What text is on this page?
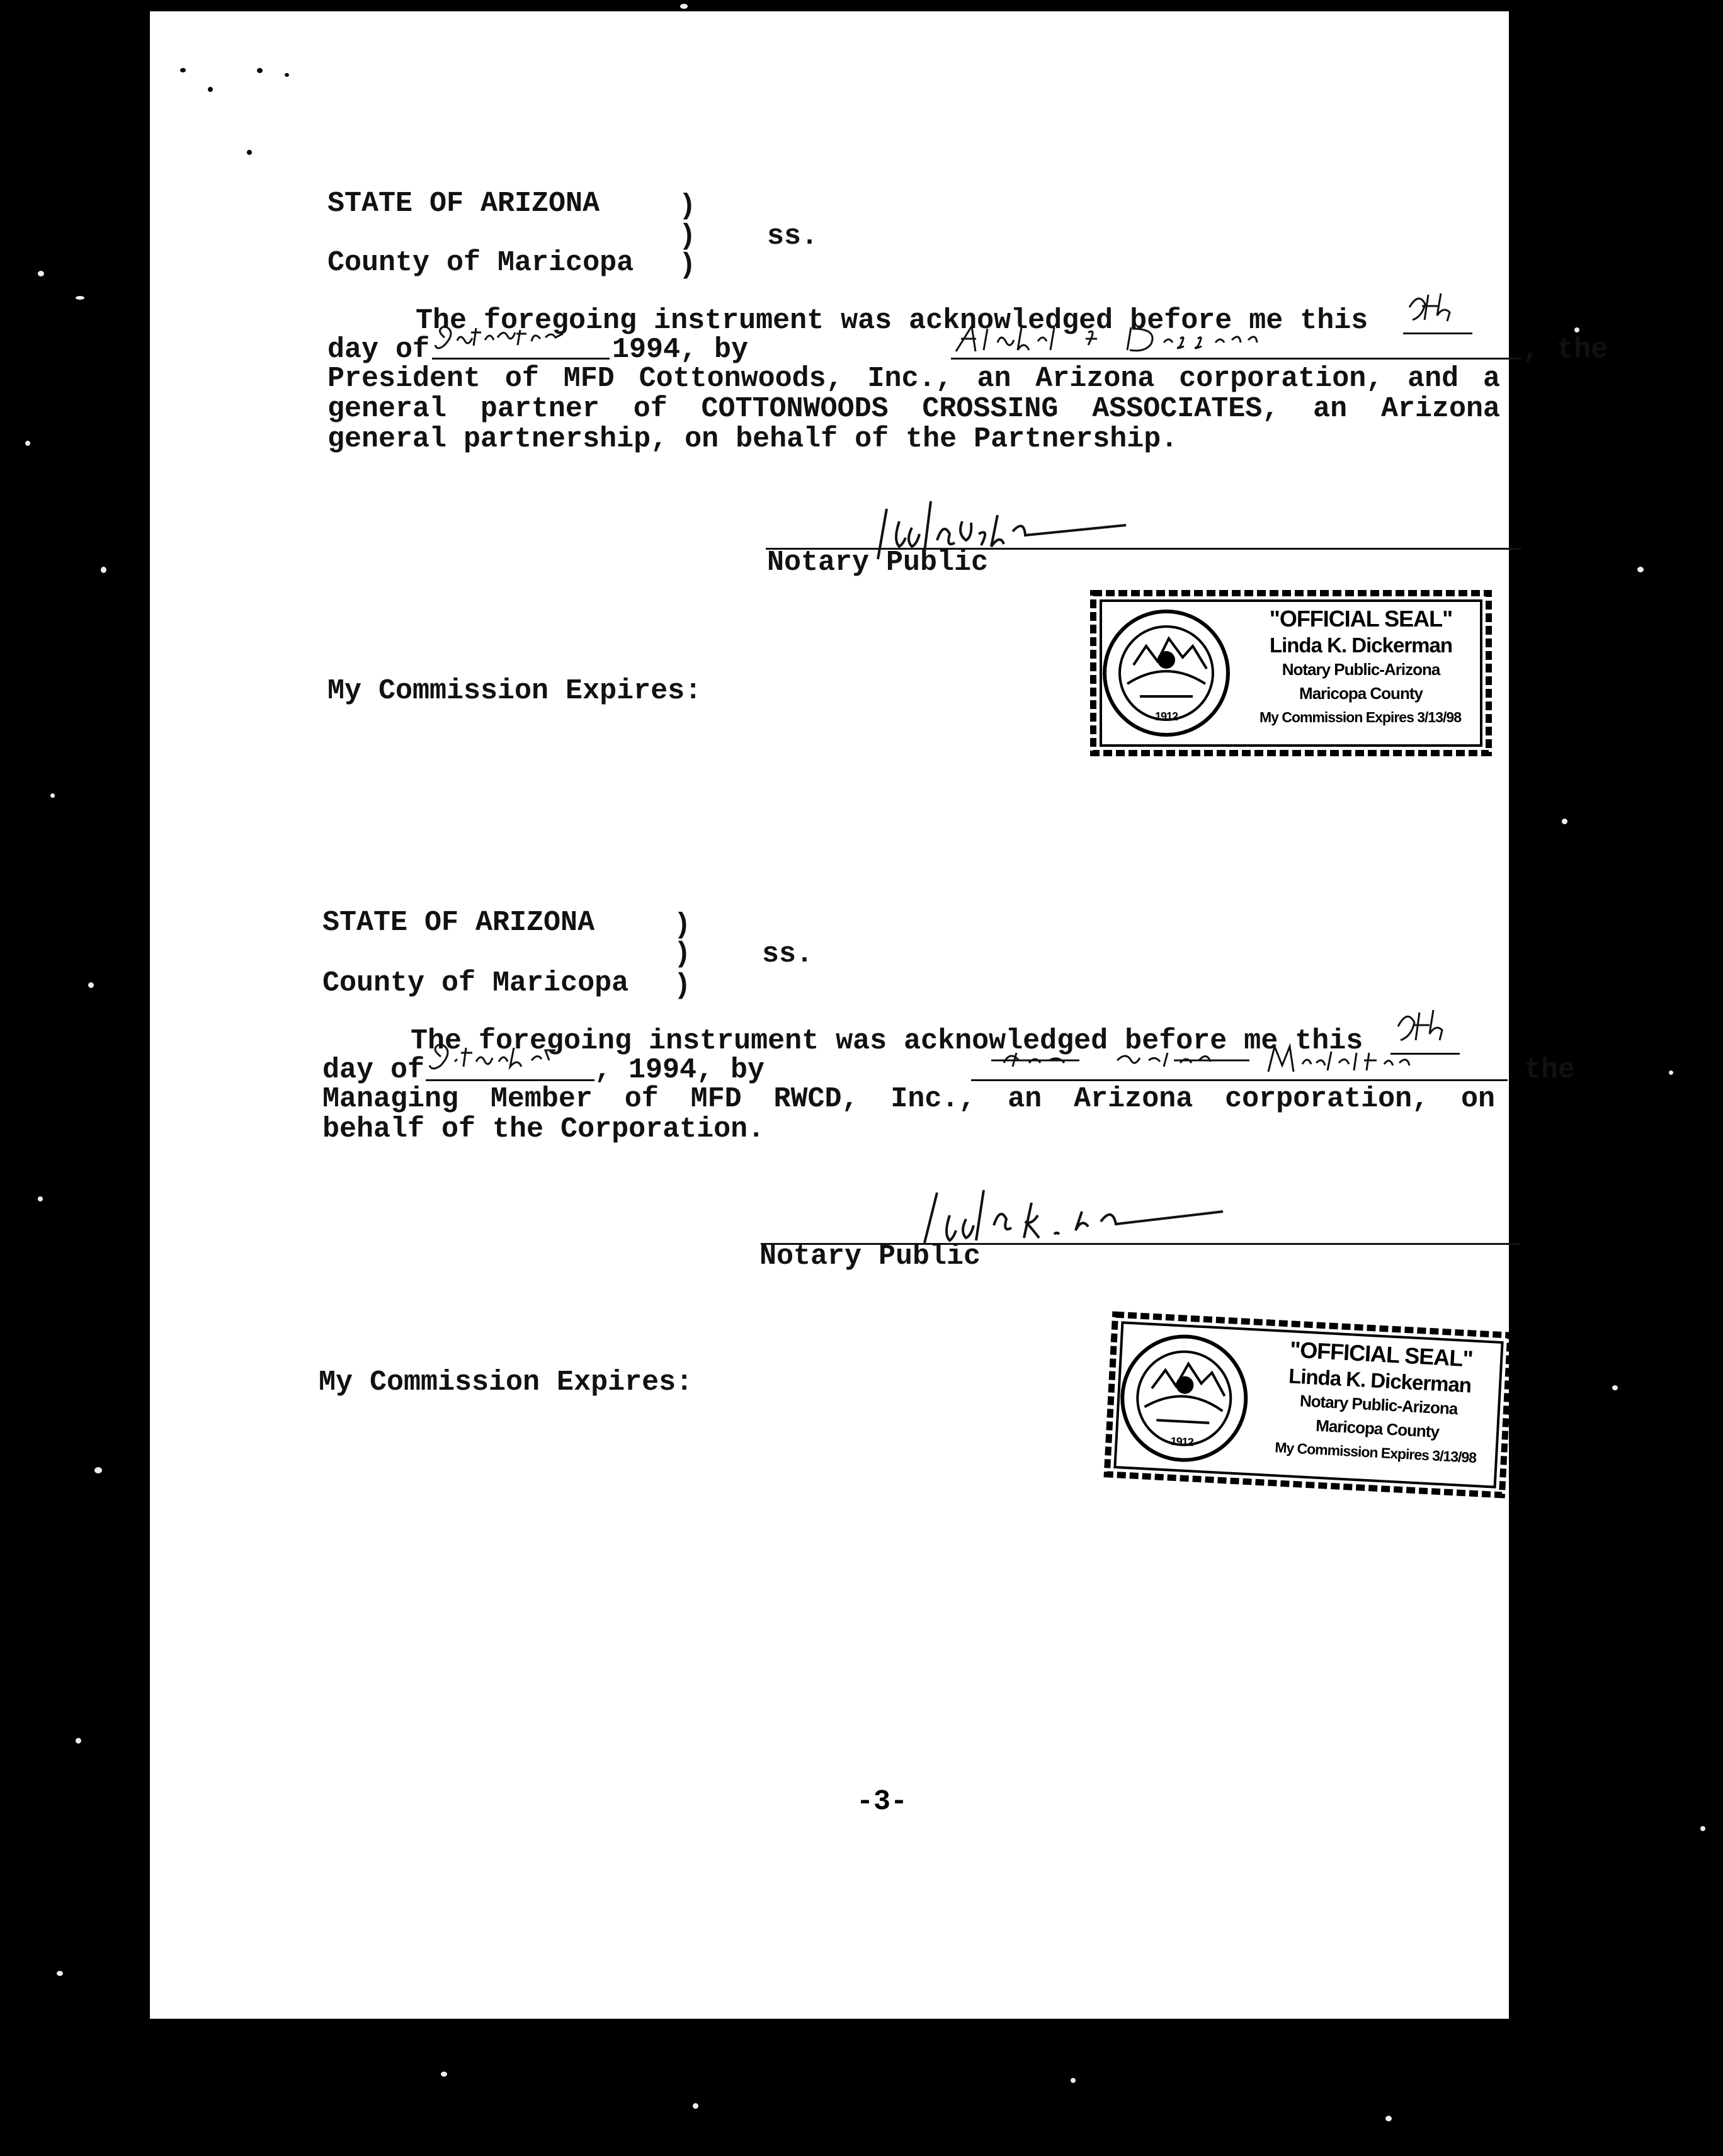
STATE OF ARIZONA	)
)	ss.
County of Maricopa )
The foregoing instrument was acknowledged before me this
day of	1994, by	, the
President of MFD Cottonwoods, Inc., an Arizona corporation, and a
general partner of COTTONWOODS CROSSING ASSOCIATES, an Arizona
general partnership, on behalf of the Partnership.
Notary Public
My Commission Expires:
1912
"OFFICIAL SEAL"
Linda K. Dickerman
Notary Public-Arizona
Maricopa County
My Commission Expires 3/13/98
STATE OF ARIZONA	)
)	ss.
County of Maricopa )
The foregoing instrument was acknowledged before me this
day of	, 1994, by	the
Managing Member of MFD RWCD, Inc., an Arizona corporation, on
behalf of the Corporation.
Notary Public
My Commission Expires:
1912
"OFFICIAL SEAL"
Linda K. Dickerman
Notary Public-Arizona
Maricopa County
My Commission Expires 3/13/98
-3-
